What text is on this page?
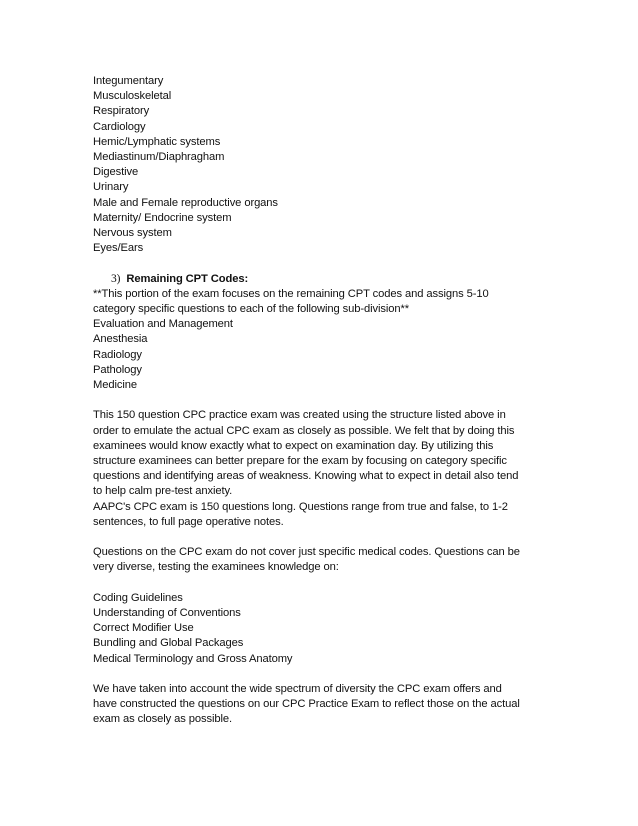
Integumentary
Musculoskeletal
Respiratory
Cardiology
Hemic/Lymphatic systems
Mediastinum/Diaphragham
Digestive
Urinary
Male and Female reproductive organs
Maternity/ Endocrine system
Nervous system
Eyes/Ears
3) Remaining CPT Codes:
**This portion of the exam focuses on the remaining CPT codes and assigns 5-10
category specific questions to each of the following sub-division**
Evaluation and Management
Anesthesia
Radiology
Pathology
Medicine
This 150 question CPC practice exam was created using the structure listed above in
order to emulate the actual CPC exam as closely as possible. We felt that by doing this
examinees would know exactly what to expect on examination day. By utilizing this
structure examinees can better prepare for the exam by focusing on category specific
questions and identifying areas of weakness. Knowing what to expect in detail also tend
to help calm pre-test anxiety.
AAPC's CPC exam is 150 questions long. Questions range from true and false, to 1-2
sentences, to full page operative notes.
Questions on the CPC exam do not cover just specific medical codes. Questions can be
very diverse, testing the examinees knowledge on:
Coding Guidelines
Understanding of Conventions
Correct Modifier Use
Bundling and Global Packages
Medical Terminology and Gross Anatomy
We have taken into account the wide spectrum of diversity the CPC exam offers and
have constructed the questions on our CPC Practice Exam to reflect those on the actual
exam as closely as possible.
